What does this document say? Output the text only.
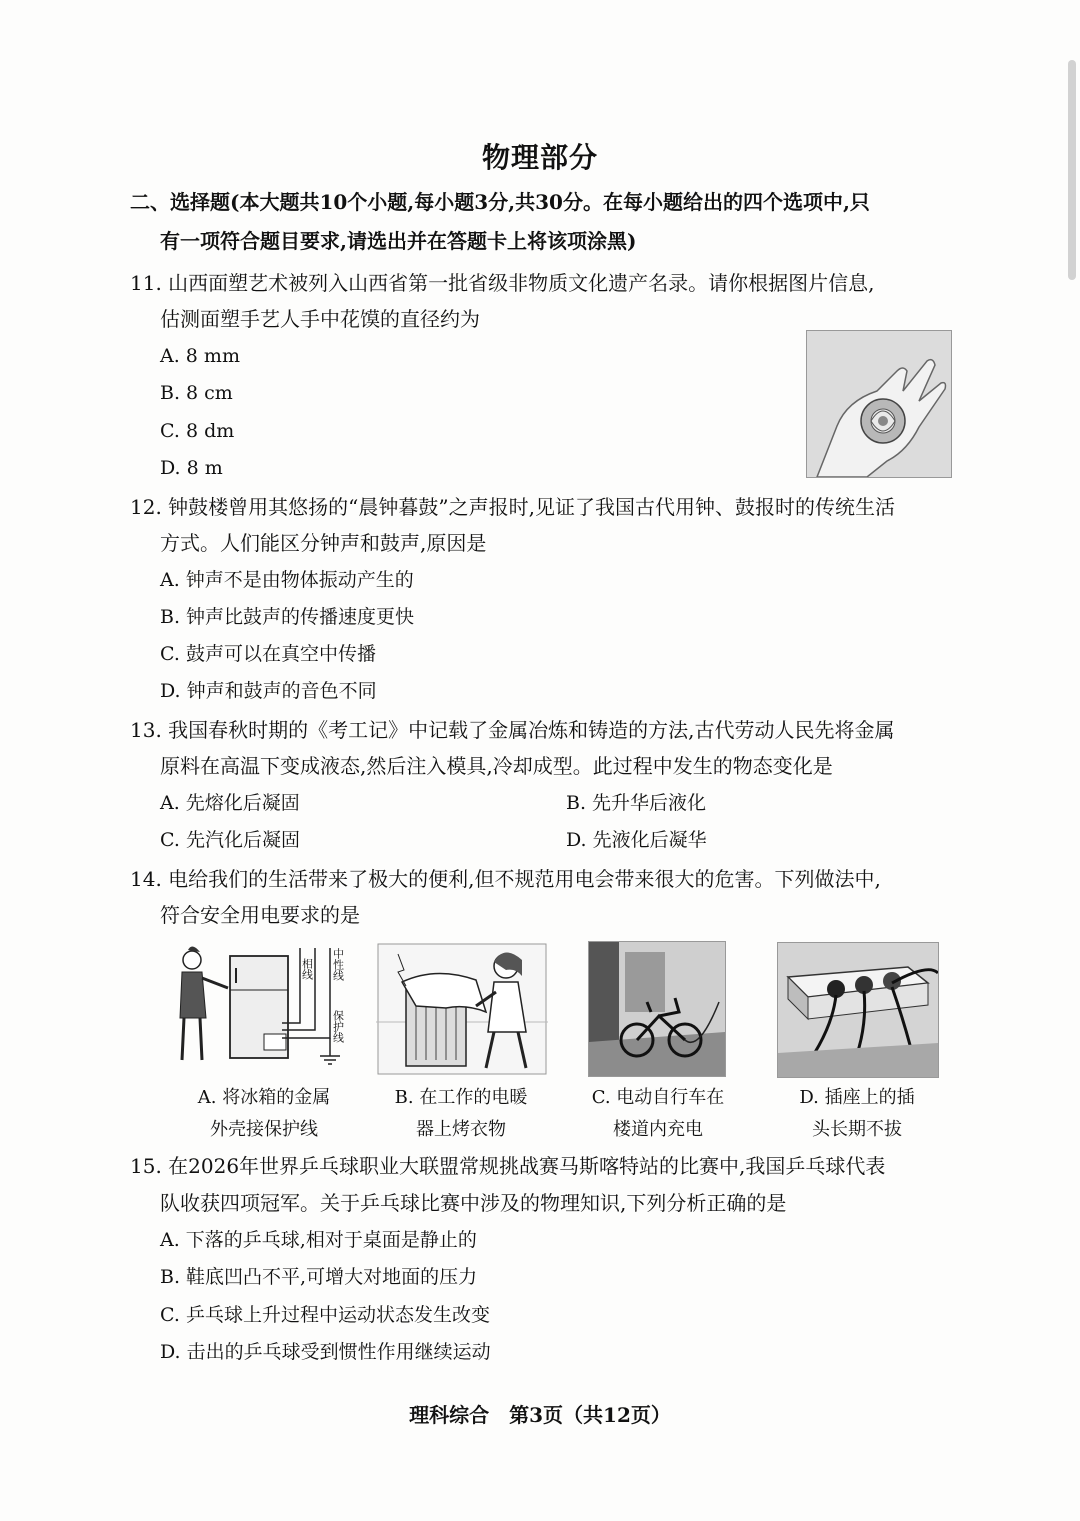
物理部分
二、选择题(本大题共10个小题,每小题3分,共30分。在每小题给出的四个选项中,只
有一项符合题目要求,请选出并在答题卡上将该项涂黑)
11. 山西面塑艺术被列入山西省第一批省级非物质文化遗产名录。请你根据图片信息,
估测面塑手艺人手中花馍的直径约为
A. 8 mm
B. 8 cm
C. 8 dm
D. 8 m
12. 钟鼓楼曾用其悠扬的“晨钟暮鼓”之声报时,见证了我国古代用钟、鼓报时的传统生活
方式。人们能区分钟声和鼓声,原因是
A. 钟声不是由物体振动产生的
B. 钟声比鼓声的传播速度更快
C. 鼓声可以在真空中传播
D. 钟声和鼓声的音色不同
13. 我国春秋时期的《考工记》中记载了金属冶炼和铸造的方法,古代劳动人民先将金属
原料在高温下变成液态,然后注入模具,冷却成型。此过程中发生的物态变化是
A. 先熔化后凝固	B. 先升华后液化
C. 先汽化后凝固	D. 先液化后凝华
14. 电给我们的生活带来了极大的便利,但不规范用电会带来很大的危害。下列做法中,
符合安全用电要求的是
相线 中性线
保护线
A. 将冰箱的金属
外壳接保护线
B. 在工作的电暖
器上烤衣物
C. 电动自行车在
楼道内充电
D. 插座上的插
头长期不拔
15. 在2026年世界乒乓球职业大联盟常规挑战赛马斯喀特站的比赛中,我国乒乓球代表
队收获四项冠军。关于乒乓球比赛中涉及的物理知识,下列分析正确的是
A. 下落的乒乓球,相对于桌面是静止的
B. 鞋底凹凸不平,可增大对地面的压力
C. 乒乓球上升过程中运动状态发生改变
D. 击出的乒乓球受到惯性作用继续运动
理科综合　第3页（共12页）
